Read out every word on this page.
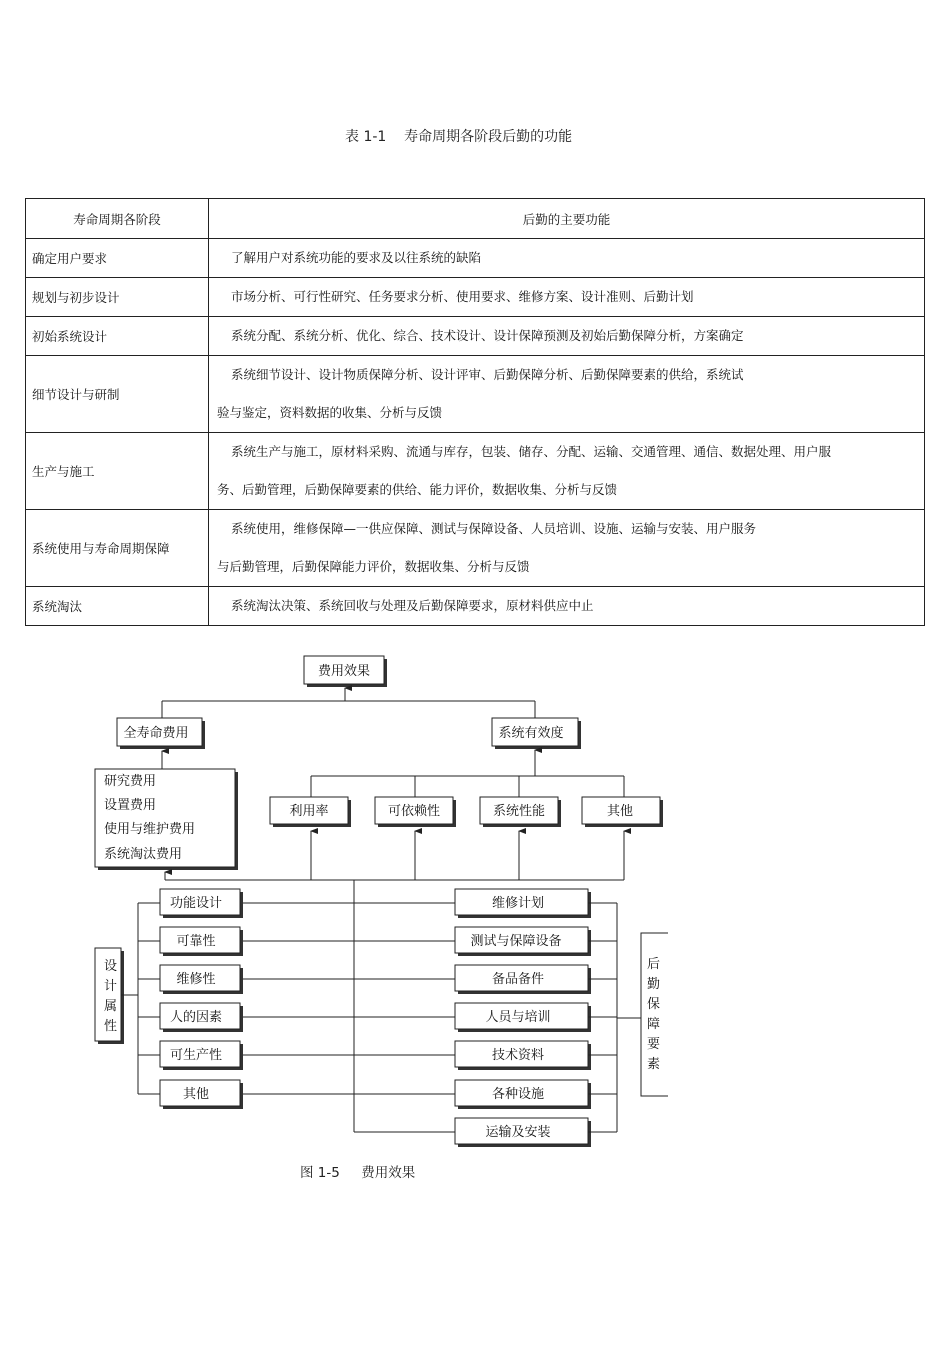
表 1-1    寿命周期各阶段后勤的功能
寿命周期各阶段	后勤的主要功能
确定用户要求	了解用户对系统功能的要求及以往系统的缺陷

规划与初步设计	市场分析、可行性研究、任务要求分析、使用要求、维修方案、设计准则、后勤计划

初始系统设计	系统分配、系统分析、优化、综合、技术设计、设计保障预测及初始后勤保障分析，方案确定

细节设计与研制	系统细节设计、设计物质保障分析、设计评审、后勤保障分析、后勤保障要素的供给，系统试
验与鉴定，资料数据的收集、分析与反馈

生产与施工	系统生产与施工，原材料采购、流通与库存，包装、储存、分配、运输、交通管理、通信、数据处理、用户服
务、后勤管理，后勤保障要素的供给、能力评价，数据收集、分析与反馈

系统使用与寿命周期保障	系统使用，维修保障—一供应保障、测试与保障设备、人员培训、设施、运输与安装、用户服务
与后勤管理，后勤保障能力评价，数据收集、分析与反馈

系统淘汰	系统淘汰决策、系统回收与处理及后勤保障要求，原材料供应中止
费用效果
全寿命费用	系统有效度
研究费用
设置费用
使用与维护费用
系统淘汰费用
利用率	可依赖性	系统性能	其他
设
计
属
性
功能设计
可靠性
维修性
人的因素
可生产性
其他
维修计划
测试与保障设备
备品备件
人员与培训
技术资料
各种设施
运输及安装
后
勤
保
障
要
素
图 1-5     费用效果
